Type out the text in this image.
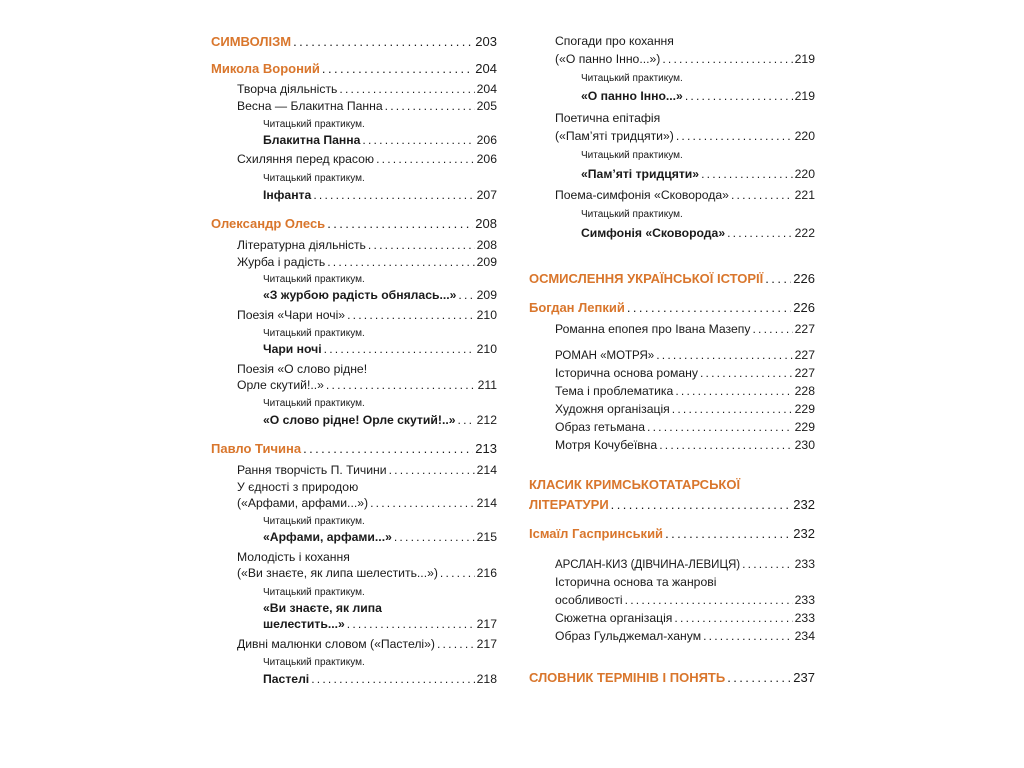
СИМВОЛІЗМ . . .	203
Микола Вороний . . .	204
Творча діяльність . . .	204
Весна — Блакитна Панна . . .	205
Читацький практикум.
Блакитна Панна . . .	206
Схиляння перед красою . . .	206
Читацький практикум.
Інфанта . . .	207
Олександр Олесь . . .	208
Літературна діяльність . . .	208
Журба і радість . . .	209
Читацький практикум.
«З журбою радість обнялась...» . . . 209
Поезія «Чари ночі» . . .	210
Читацький практикум.
Чари ночі . . .	210
Поезія «О слово рідне!
Орле скутий!..» . . .	211
Читацький практикум.
«О слово рідне! Орле скутий!..» . . . 212
Павло Тичина . . .	213
Рання творчість П. Тичини . . .	214
У єдності з природою
(«Арфами, арфами...») . . .	214
Читацький практикум.
«Арфами, арфами...» . . .	215
Молодість і кохання
(«Ви знаєте, як липа шелестить...») . . .	216
Читацький практикум.
«Ви знаєте, як липа
шелестить...» . . .	217
Дивні малюнки словом («Пастелі») . . .	217
Читацький практикум.
Пастелі . . .	218
Спогади про кохання
(«О панно Інно...») . . .	219
Читацький практикум.
«О панно Інно...» . . .	219
Поетична епітафія
(«Пам’яті тридцяти») . . .	220
Читацький практикум.
«Пам’яті тридцяти» . . .	220
Поема-симфонія «Сковорода» . . .	221
Читацький практикум.
Симфонія «Сковорода» . . .	222
ОСМИСЛЕННЯ УКРАЇНСЬКОЇ ІСТОРІЇ . . . 226
Богдан Лепкий . . .	226
Романна епопея про Івана Мазепу . . .	227
РОМАН «МОТРЯ» . . .	227
Історична основа роману . . .	227
Тема і проблематика . . .	228
Художня організація . . .	229
Образ гетьмана . . .	229
Мотря Кочубеївна . . .	230
КЛАСИК КРИМСЬКОТАТАРСЬКОЇ
ЛІТЕРАТУРИ . . .	232
Ісмаїл Гаспринський . . .	232
АРСЛАН-КИЗ (ДІВЧИНА-ЛЕВИЦЯ) . . .	233
Історична основа та жанрові
особливості . . .	233
Сюжетна організація . . .	233
Образ Гульджемал-ханум . . .	234
СЛОВНИК ТЕРМІНІВ І ПОНЯТЬ . . .	237
